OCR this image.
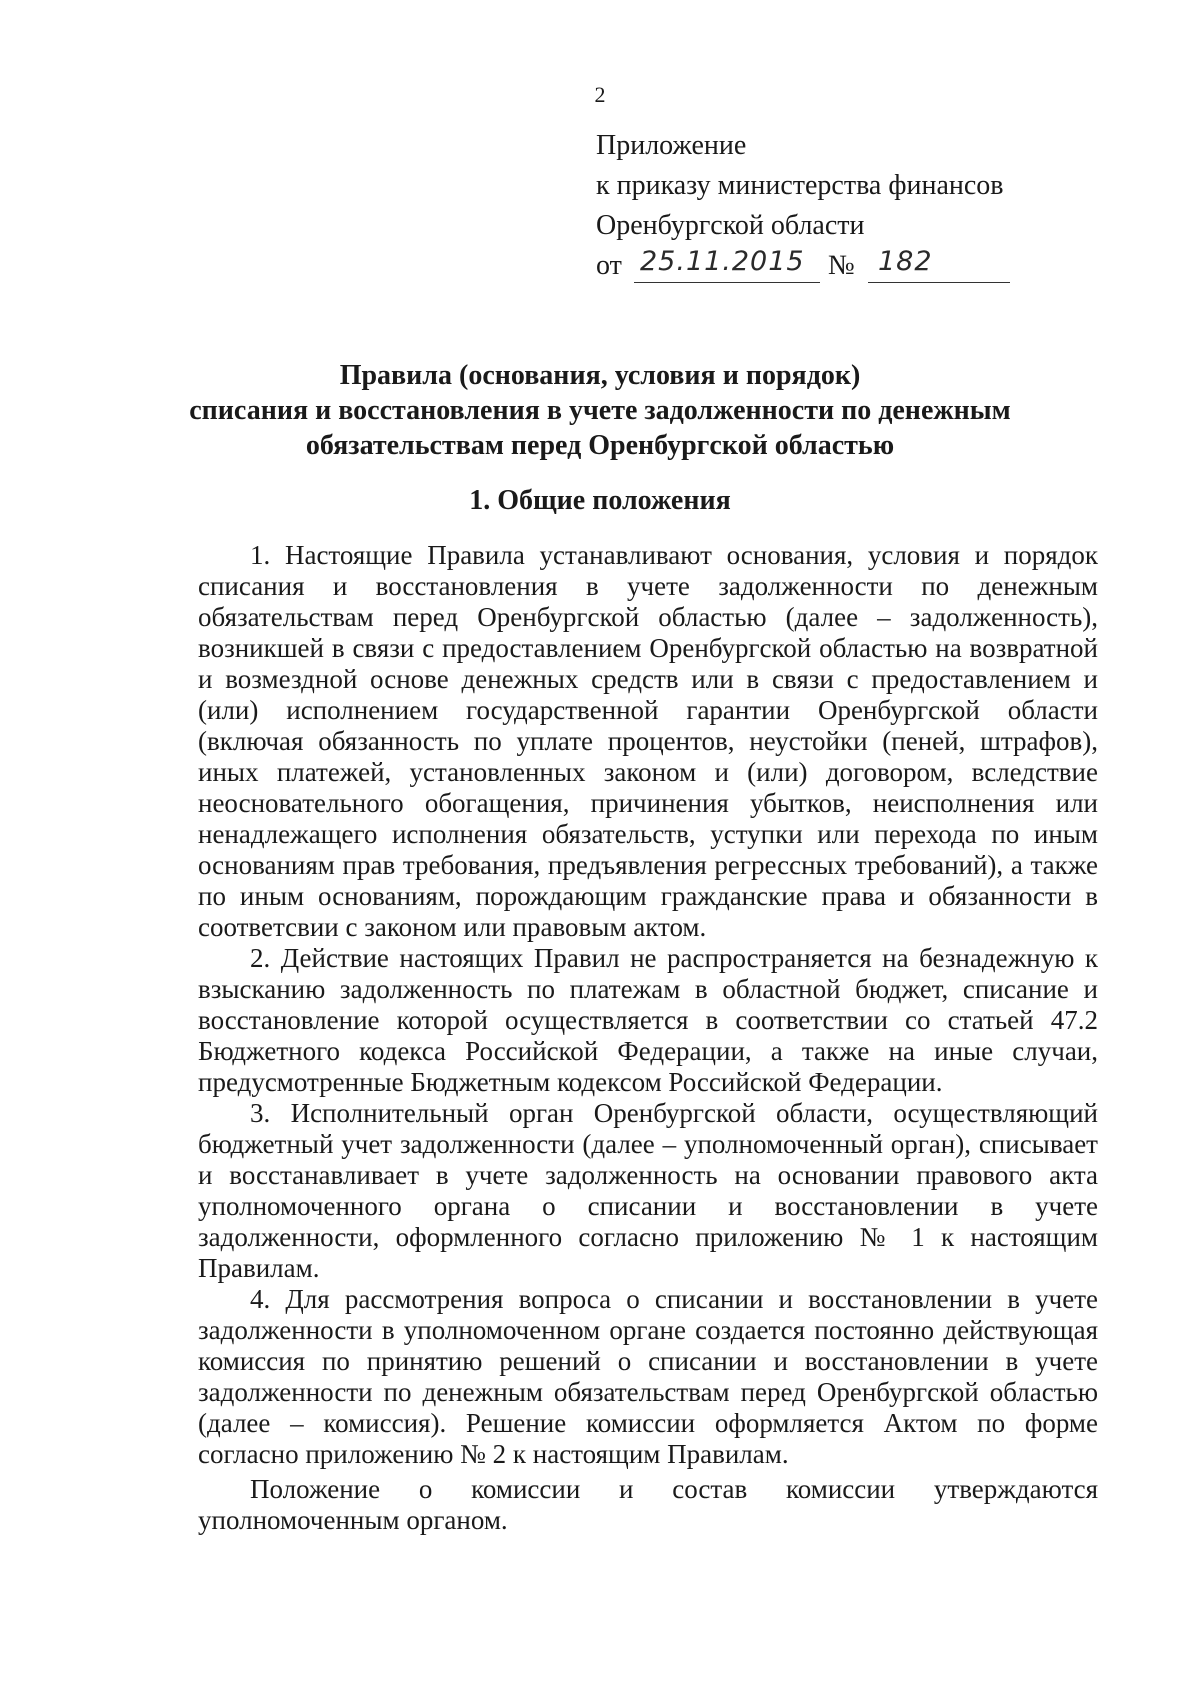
2
Приложение
к приказу министерства финансов
Оренбургской области
от 25.11.2015 № 182
Правила (основания, условия и порядок)
списания и восстановления в учете задолженности по денежным
обязательствам перед Оренбургской областью
1. Общие положения

1. Настоящие Правила устанавливают основания, условия и порядок списания и восстановления в учете задолженности по денежным обязательствам перед Оренбургской областью (далее – задолженность), возникшей в связи с предоставлением Оренбургской областью на возвратной и возмездной основе денежных средств или в связи с предоставлением и (или) исполнением государственной гарантии Оренбургской области (включая обязанность по уплате процентов, неустойки (пеней, штрафов), иных платежей, установленных законом и (или) договором, вследствие неосновательного обогащения, причинения убытков, неисполнения или ненадлежащего исполнения обязательств, уступки или перехода по иным основаниям прав требования, предъявления регрессных требований), а также по иным основаниям, порождающим гражданские права и обязанности в соответсвии с законом или правовым актом.

2. Действие настоящих Правил не распространяется на безнадежную к взысканию задолженность по платежам в областной бюджет, списание и восстановление которой осуществляется в соответствии со статьей 47.2 Бюджетного кодекса Российской Федерации, а также на иные случаи, предусмотренные Бюджетным кодексом Российской Федерации.

3. Исполнительный орган Оренбургской области, осуществляющий бюджетный учет задолженности (далее – уполномоченный орган), списывает и восстанавливает в учете задолженность на основании правового акта уполномоченного органа о списании и восстановлении в учете задолженности, оформленного согласно приложению № 1 к настоящим Правилам.

4. Для рассмотрения вопроса о списании и восстановлении в учете задолженности в уполномоченном органе создается постоянно действующая комиссия по принятию решений о списании и восстановлении в учете задолженности по денежным обязательствам перед Оренбургской областью (далее – комиссия). Решение комиссии оформляется Актом по форме согласно приложению № 2 к настоящим Правилам.

Положение о комиссии и состав комиссии утверждаются уполномоченным органом.
